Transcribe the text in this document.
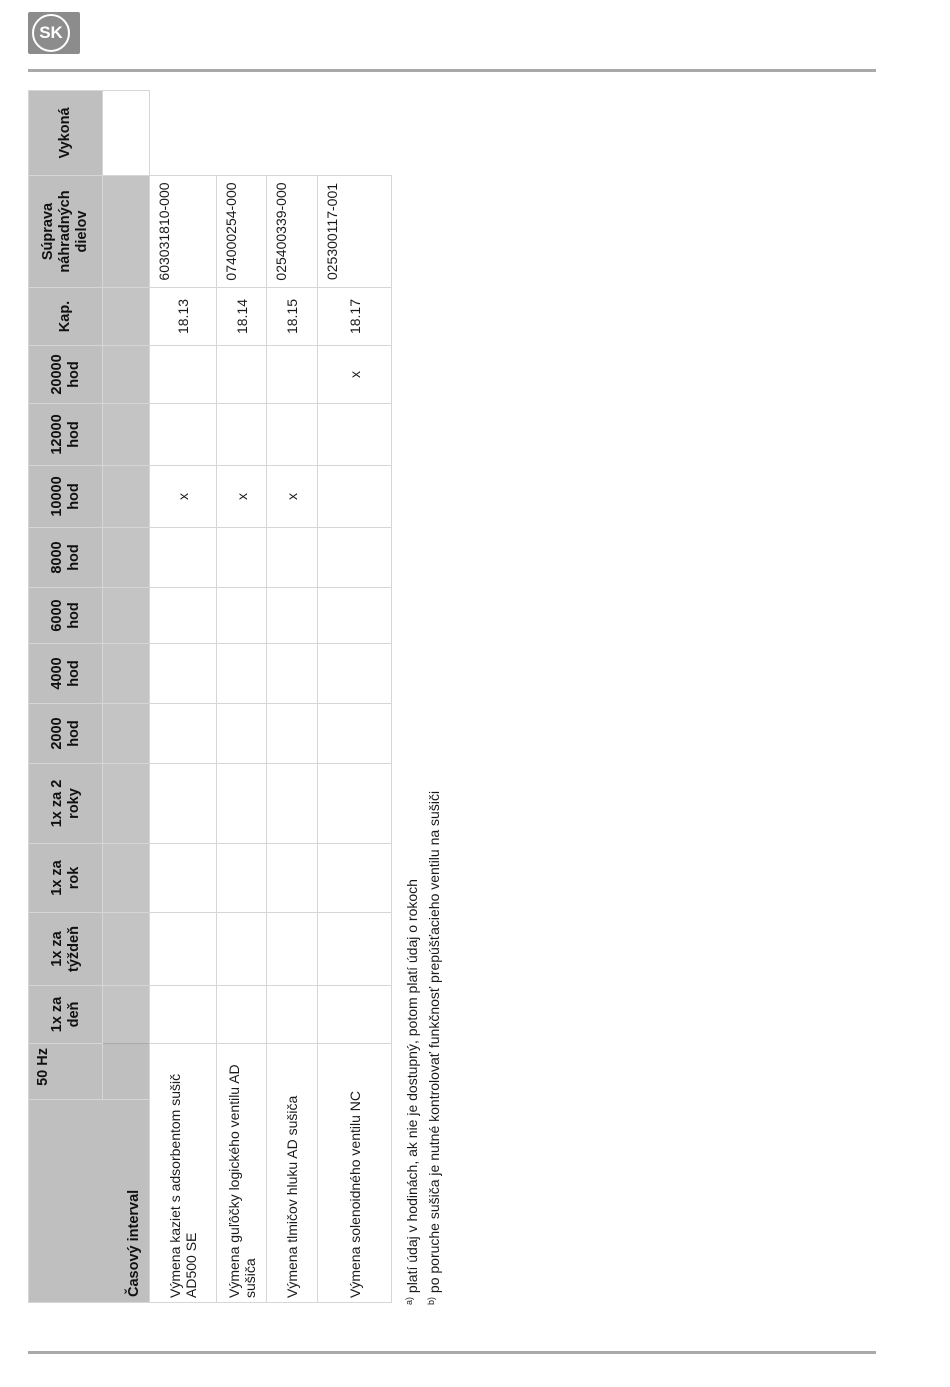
SK
Časový interval	50 Hz	1x za deň	1x za týždeň	1x za rok	1x za 2 roky	2000 hod	4000 hod	6000 hod	8000 hod	10000 hod	12000 hod	20000 hod	Kap.	Súprava náhradných dielov	Vykoná	

Výmena kaziet s adsorbentom sušič AD500 SE										x			18.13	603031810-000		
Výmena guľôčky logického ventilu AD sušiča										x			18.14	074000254-000		
Výmena tlmičov hluku AD sušiča										x			18.15	025400339-000		
Výmena solenoidného ventilu NC												x	18.17	025300117-001		
$^{a)}$ platí údaj v hodinách, ak nie je dostupný, potom platí údaj o rokoch
$^{b)}$ po poruche sušiča je nutné kontrolovať funkčnosť prepúšťacieho ventilu na sušiči
